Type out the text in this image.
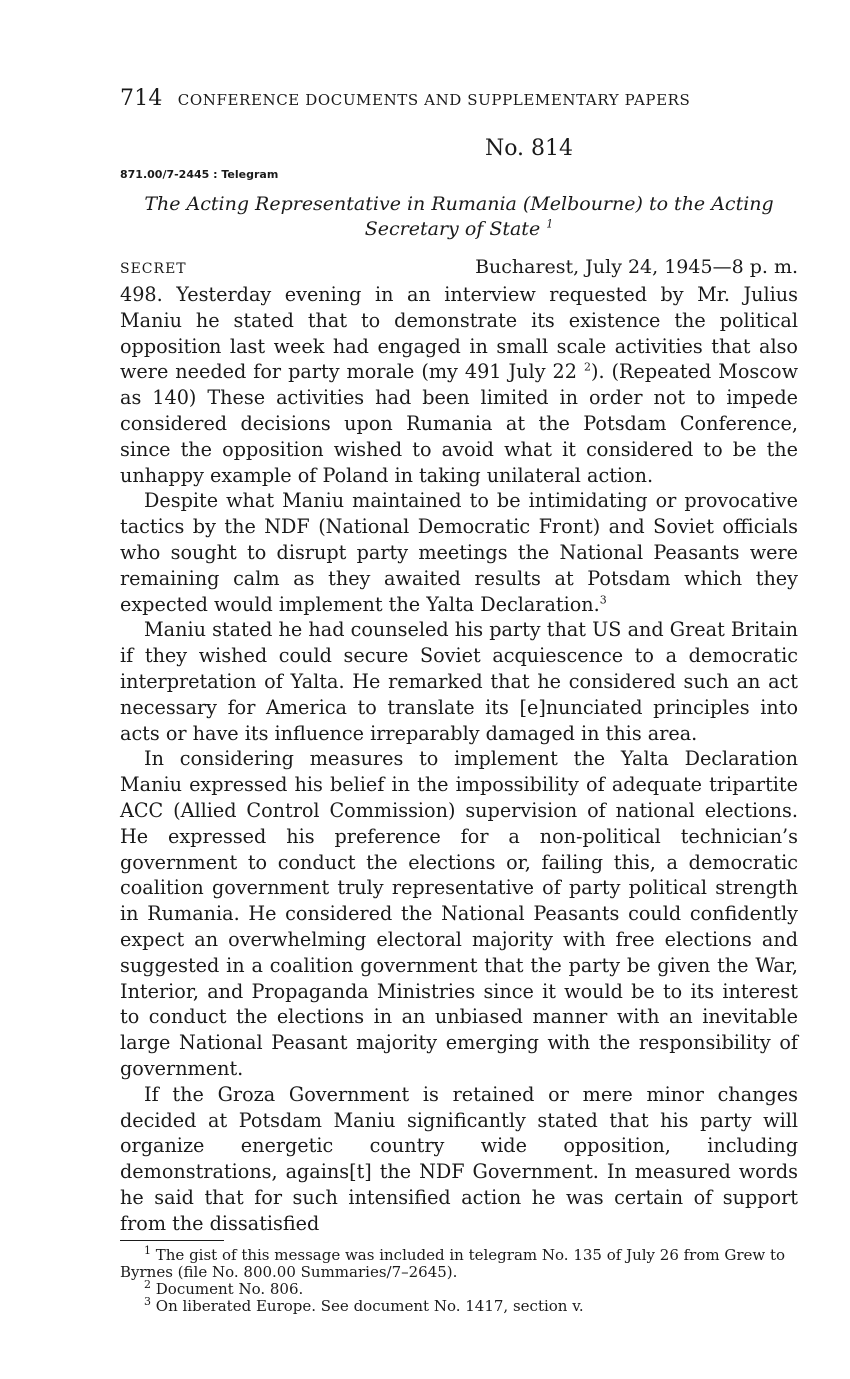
714 CONFERENCE DOCUMENTS AND SUPPLEMENTARY PAPERS
No. 814
871.00/7-2445 : Telegram
The Acting Representative in Rumania (Melbourne) to the Acting
Secretary of State $^1$
SECRET	Bucharest, July 24, 1945—8 p. m.

498. Yesterday evening in an interview requested by Mr. Julius Maniu he stated that to demonstrate its existence the political opposition last week had engaged in small scale activities that also were needed for party morale (my 491 July 22 $^2$). (Repeated Moscow as 140) These activities had been limited in order not to impede considered decisions upon Rumania at the Potsdam Conference, since the opposition wished to avoid what it considered to be the unhappy example of Poland in taking unilateral action.

Despite what Maniu maintained to be intimidating or provocative tactics by the NDF (National Democratic Front) and Soviet officials who sought to disrupt party meetings the National Peasants were remaining calm as they awaited results at Potsdam which they expected would implement the Yalta Declaration.$^3$

Maniu stated he had counseled his party that US and Great Britain if they wished could secure Soviet acquiescence to a democratic interpretation of Yalta. He remarked that he considered such an act necessary for America to translate its [e]nunciated principles into acts or have its influence irreparably damaged in this area.

In considering measures to implement the Yalta Declaration Maniu expressed his belief in the impossibility of adequate tripartite ACC (Allied Control Commission) supervision of national elections. He expressed his preference for a non-political technician’s government to conduct the elections or, failing this, a democratic coalition government truly representative of party political strength in Rumania. He considered the National Peasants could confidently expect an overwhelming electoral majority with free elections and suggested in a coalition government that the party be given the War, Interior, and Propaganda Ministries since it would be to its interest to conduct the elections in an unbiased manner with an inevitable large National Peasant majority emerging with the responsibility of government.

If the Groza Government is retained or mere minor changes decided at Potsdam Maniu significantly stated that his party will organize energetic country wide opposition, including demonstrations, agains[t] the NDF Government. In measured words he said that for such intensified action he was certain of support from the dissatisfied

$^1$ The gist of this message was included in telegram No. 135 of July 26 from Grew to Byrnes (file No. 800.00 Summaries/7–2645).
$^2$ Document No. 806.
$^3$ On liberated Europe. See document No. 1417, section v.
